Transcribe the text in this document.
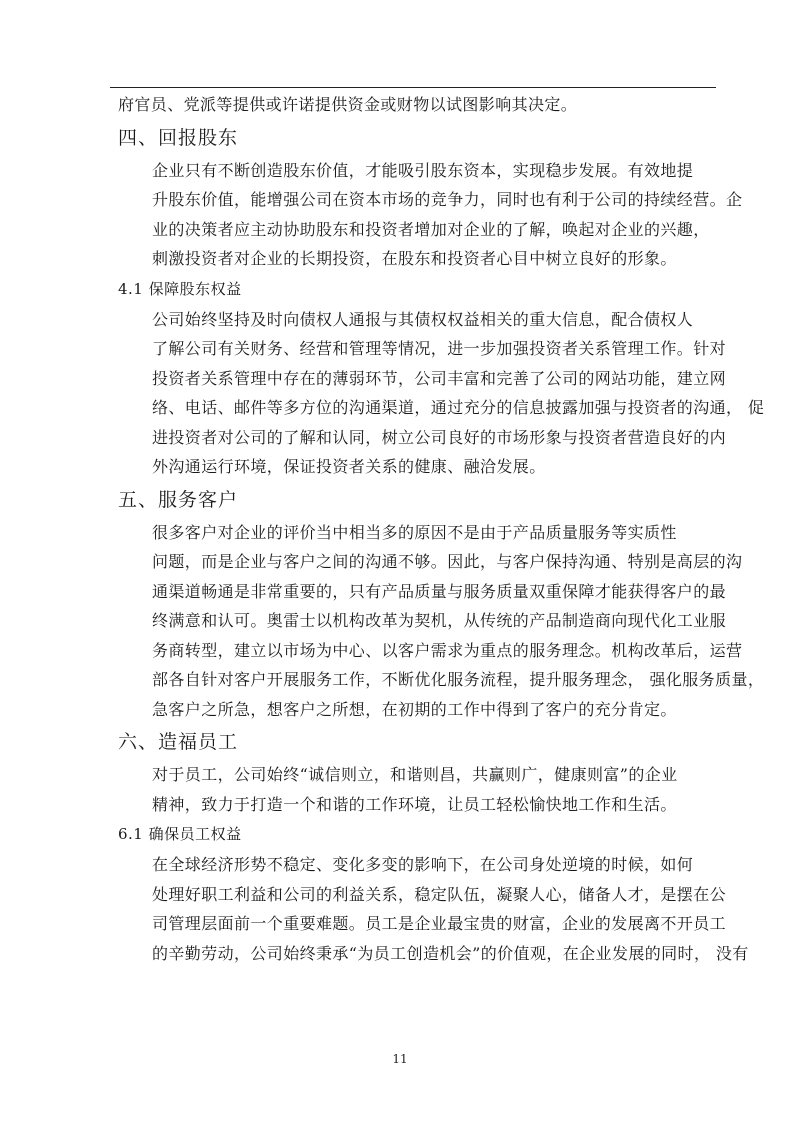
府官员、党派等提供或许诺提供资金或财物以试图影响其决定。

四、回报股东

企业只有不断创造股东价值，才能吸引股东资本，实现稳步发展。有效地提
升股东价值，能增强公司在资本市场的竞争力，同时也有利于公司的持续经营。企
业的决策者应主动协助股东和投资者增加对企业的了解，唤起对企业的兴趣，
刺激投资者对企业的长期投资，在股东和投资者心目中树立良好的形象。

4.1 保障股东权益

公司始终坚持及时向债权人通报与其债权权益相关的重大信息，配合债权人
了解公司有关财务、经营和管理等情况，进一步加强投资者关系管理工作。针对
投资者关系管理中存在的薄弱环节，公司丰富和完善了公司的网站功能，建立网
络、电话、邮件等多方位的沟通渠道，通过充分的信息披露加强与投资者的沟通， 促
进投资者对公司的了解和认同，树立公司良好的市场形象与投资者营造良好的内
外沟通运行环境，保证投资者关系的健康、融洽发展。

五、服务客户

很多客户对企业的评价当中相当多的原因不是由于产品质量服务等实质性
问题，而是企业与客户之间的沟通不够。因此，与客户保持沟通、特别是高层的沟
通渠道畅通是非常重要的，只有产品质量与服务质量双重保障才能获得客户的最
终满意和认可。奥雷士以机构改革为契机，从传统的产品制造商向现代化工业服
务商转型，建立以市场为中心、以客户需求为重点的服务理念。机构改革后，运营
部各自针对客户开展服务工作，不断优化服务流程，提升服务理念， 强化服务质量，
急客户之所急，想客户之所想，在初期的工作中得到了客户的充分肯定。

六、造福员工

对于员工，公司始终“诚信则立，和谐则昌，共赢则广，健康则富”的企业
精神，致力于打造一个和谐的工作环境，让员工轻松愉快地工作和生活。

6.1 确保员工权益

在全球经济形势不稳定、变化多变的影响下，在公司身处逆境的时候，如何
处理好职工利益和公司的利益关系，稳定队伍，凝聚人心，储备人才，是摆在公
司管理层面前一个重要难题。员工是企业最宝贵的财富，企业的发展离不开员工
的辛勤劳动，公司始终秉承“为员工创造机会”的价值观，在企业发展的同时， 没有

1‍1
